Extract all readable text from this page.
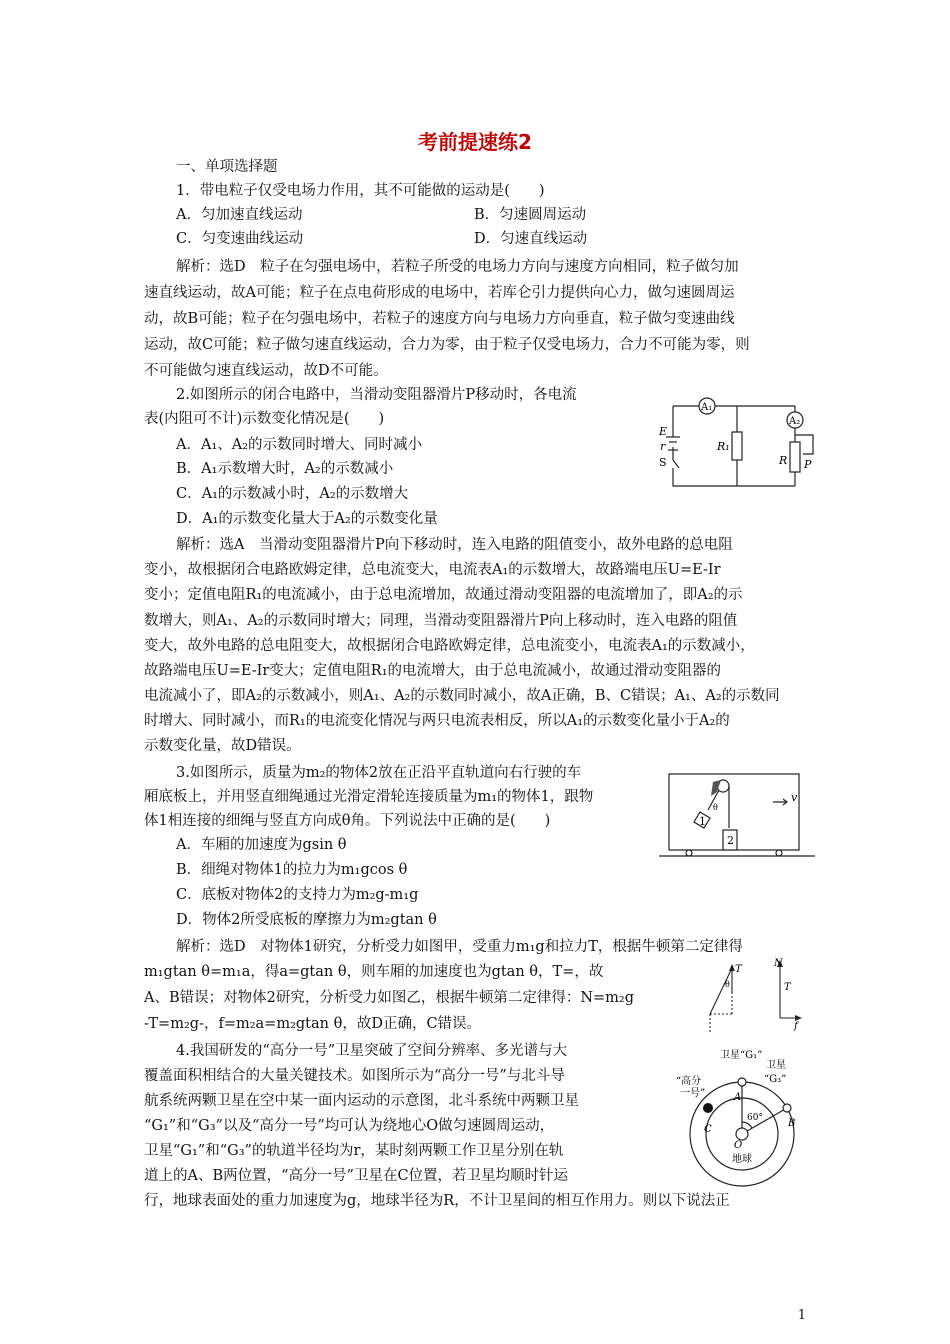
考前提速练2
一、单项选择题
1．带电粒子仅受电场力作用，其不可能做的运动是(　　)
A．匀加速直线运动	B．匀速圆周运动
C．匀变速曲线运动	D．匀速直线运动
解析：选D　粒子在匀强电场中，若粒子所受的电场力方向与速度方向相同，粒子做匀加
速直线运动，故A可能；粒子在点电荷形成的电场中，若库仑引力提供向心力，做匀速圆周运
动，故B可能；粒子在匀强电场中，若粒子的速度方向与电场力方向垂直，粒子做匀变速曲线
运动，故C可能；粒子做匀速直线运动，合力为零，由于粒子仅受电场力，合力不可能为零，则
不可能做匀速直线运动，故D不可能。
2.如图所示的闭合电路中，当滑动变阻器滑片P移动时，各电流
表(内阻可不计)示数变化情况是(　　)
A．A₁、A₂的示数同时增大、同时减小
B．A₁示数增大时，A₂的示数减小
C．A₁的示数减小时，A₂的示数增大
D．A₁的示数变化量大于A₂的示数变化量
解析：选A　当滑动变阻器滑片P向下移动时，连入电路的阻值变小，故外电路的总电阻
变小，故根据闭合电路欧姆定律，总电流变大，电流表A₁的示数增大，故路端电压U=E-Ir
变小；定值电阻R₁的电流减小，由于总电流增加，故通过滑动变阻器的电流增加了，即A₂的示
数增大，则A₁、A₂的示数同时增大；同理，当滑动变阻器滑片P向上移动时，连入电路的阻值
变大，故外电路的总电阻变大，故根据闭合电路欧姆定律，总电流变小，电流表A₁的示数减小，
故路端电压U=E-Ir变大；定值电阻R₁的电流增大，由于总电流减小，故通过滑动变阻器的
电流减小了，即A₂的示数减小，则A₁、A₂的示数同时减小，故A正确，B、C错误；A₁、A₂的示数同
时增大、同时减小，而R₁的电流变化情况与两只电流表相反，所以A₁的示数变化量小于A₂的
示数变化量，故D错误。
A₁
A₂
E
r
S
R₁
R P
3.如图所示，质量为m₂的物体2放在正沿平直轨道向右行驶的车
厢底板上，并用竖直细绳通过光滑定滑轮连接质量为m₁的物体1，跟物
体1相连接的细绳与竖直方向成θ角。下列说法中正确的是(　　)
A．车厢的加速度为gsin θ
B．细绳对物体1的拉力为m₁gcos θ
C．底板对物体2的支持力为m₂g-m₁g
D．物体2所受底板的摩擦力为m₂gtan θ
解析：选D　对物体1研究，分析受力如图甲，受重力m₁g和拉力T，根据牛顿第二定律得
m₁gtan θ=m₁a，得a=gtan θ，则车厢的加速度也为gtan θ，T=，故
A、B错误；对物体2研究，分析受力如图乙，根据牛顿第二定律得：N=m₂g
-T=m₂g-，f=m₂a=m₂gtan θ，故D正确，C错误。
1
2
v
θ
T
θ
N
T
f
4.我国研发的“高分一号”卫星突破了空间分辨率、多光谱与大
覆盖面积相结合的大量关键技术。如图所示为“高分一号”与北斗导
航系统两颗卫星在空中某一面内运动的示意图，北斗系统中两颗卫星
“G₁”和“G₃”以及“高分一号”均可认为绕地心O做匀速圆周运动，
卫星“G₁”和“G₃”的轨道半径均为r，某时刻两颗工作卫星分别在轨
道上的A、B两位置，“高分一号”卫星在C位置，若卫星均顺时针运
行，地球表面处的重力加速度为g，地球半径为R，不计卫星间的相互作用力。则以下说法正
卫星“G₁”
卫星
“G₃”
“高分
一号”	A
B
C
O
60°
地球
1
